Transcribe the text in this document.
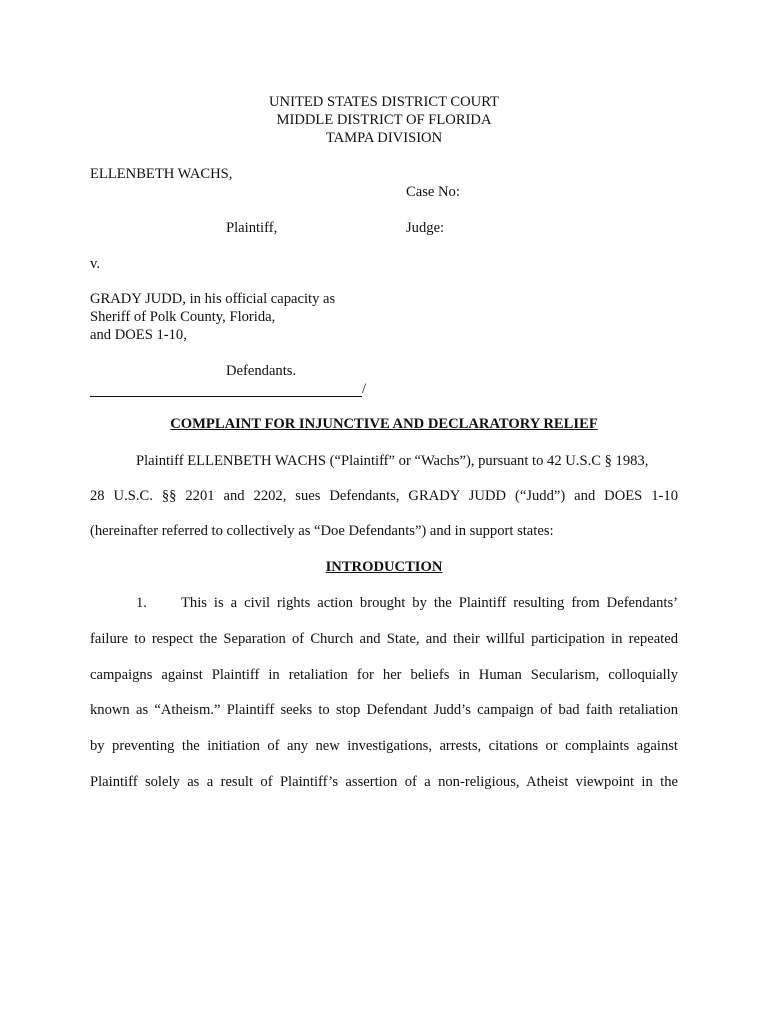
UNITED STATES DISTRICT COURT
MIDDLE DISTRICT OF FLORIDA
TAMPA DIVISION
ELLENBETH WACHS,
Case No:
Plaintiff,	Judge:
v.
GRADY JUDD, in his official capacity as
Sheriff of Polk County, Florida,
and DOES 1-10,
Defendants.
/
COMPLAINT FOR INJUNCTIVE AND DECLARATORY RELIEF
Plaintiff ELLENBETH WACHS (“Plaintiff” or “Wachs”), pursuant to 42 U.S.C § 1983,
28 U.S.C. §§ 2201 and 2202, sues Defendants, GRADY JUDD (“Judd”) and DOES 1-10
(hereinafter referred to collectively as “Doe Defendants”) and in support states:
INTRODUCTION
1. This is a civil rights action brought by the Plaintiff resulting from Defendants’
failure to respect the Separation of Church and State, and their willful participation in repeated
campaigns against Plaintiff in retaliation for her beliefs in Human Secularism, colloquially
known as “Atheism.” Plaintiff seeks to stop Defendant Judd’s campaign of bad faith retaliation
by preventing the initiation of any new investigations, arrests, citations or complaints against
Plaintiff solely as a result of Plaintiff’s assertion of a non-religious, Atheist viewpoint in the
